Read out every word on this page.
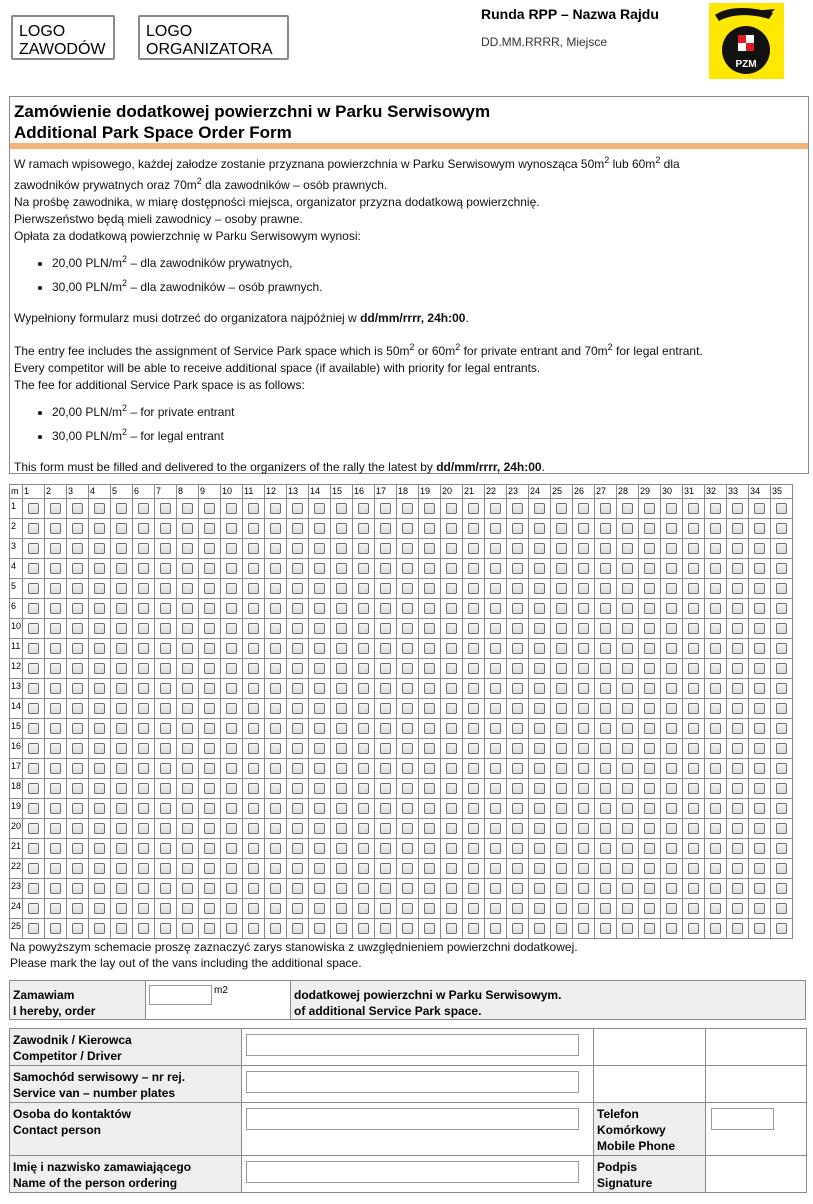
LOGO
ZAWODÓW
LOGO
ORGANIZATORA
Runda RPP – Nazwa Rajdu
DD.MM.RRRR, Miejsce
PZM
Zamówienie dodatkowej powierzchni w Parku Serwisowym
Additional Park Space Order Form

W ramach wpisowego, każdej załodze zostanie przyznana powierzchnia w Parku Serwisowym wynosząca $50m^2$ lub $60m^2$ dla

zawodników prywatnych oraz $70m^2$ dla zawodników – osób prawnych.

Na prośbę zawodnika, w miarę dostępności miejsca, organizator przyzna dodatkową powierzchnię.

Pierwszeństwo będą mieli zawodnicy – osoby prawne.

Opłata za dodatkową powierzchnię w Parku Serwisowym wynosi:

• 20,00 PLN/$m^2$ – dla zawodników prywatnych,
• 30,00 PLN/$m^2$ – dla zawodników – osób prawnych.

Wypełniony formularz musi dotrzeć do organizatora najpóźniej w dd/mm/rrrr, 24h:00.

The entry fee includes the assignment of Service Park space which is $50m^2$ or $60m^2$ for private entrant and $70m^2$ for legal entrant.

Every competitor will be able to receive additional space (if available) with priority for legal entrants.

The fee for additional Service Park space is as follows:

• 20,00 PLN/$m^2$ – for private entrant
• 30,00 PLN/$m^2$ – for legal entrant

This form must be filled and delivered to the organizers of the rally the latest by dd/mm/rrrr, 24h:00.

m	1	2	3	4	5	6	7	8	9	10	11	12	13	14	15	16	17	18	19	20	21	22	23	24	25	26	27	28	29	30	31	32	33	34	35
1	

2	

3	

4	

5	

6	

10	

11	

12	

13	

14	

15	

16	

17	

18	

19	

20	

21	

22	

23	

24	

25	

Na powyższym schemacie proszę zaznaczyć zarys stanowiska z uwzględnieniem powierzchni dodatkowej.
Please mark the lay out of the vans including the additional space.
Zamawiam
I hereby, order
	m2	dodatkowej powierzchni w Parku Serwisowym.
of additional Service Park space.
Zawodnik / Kierowca
Competitor / Driver			

Samochód serwisowy – nr rej.
Service van – number plates			

Osoba do kontaktów
Contact person		Telefon
Komórkowy
Mobile Phone	

Imię i nazwisko zamawiającego
Name of the person ordering		Podpis
Signature	
